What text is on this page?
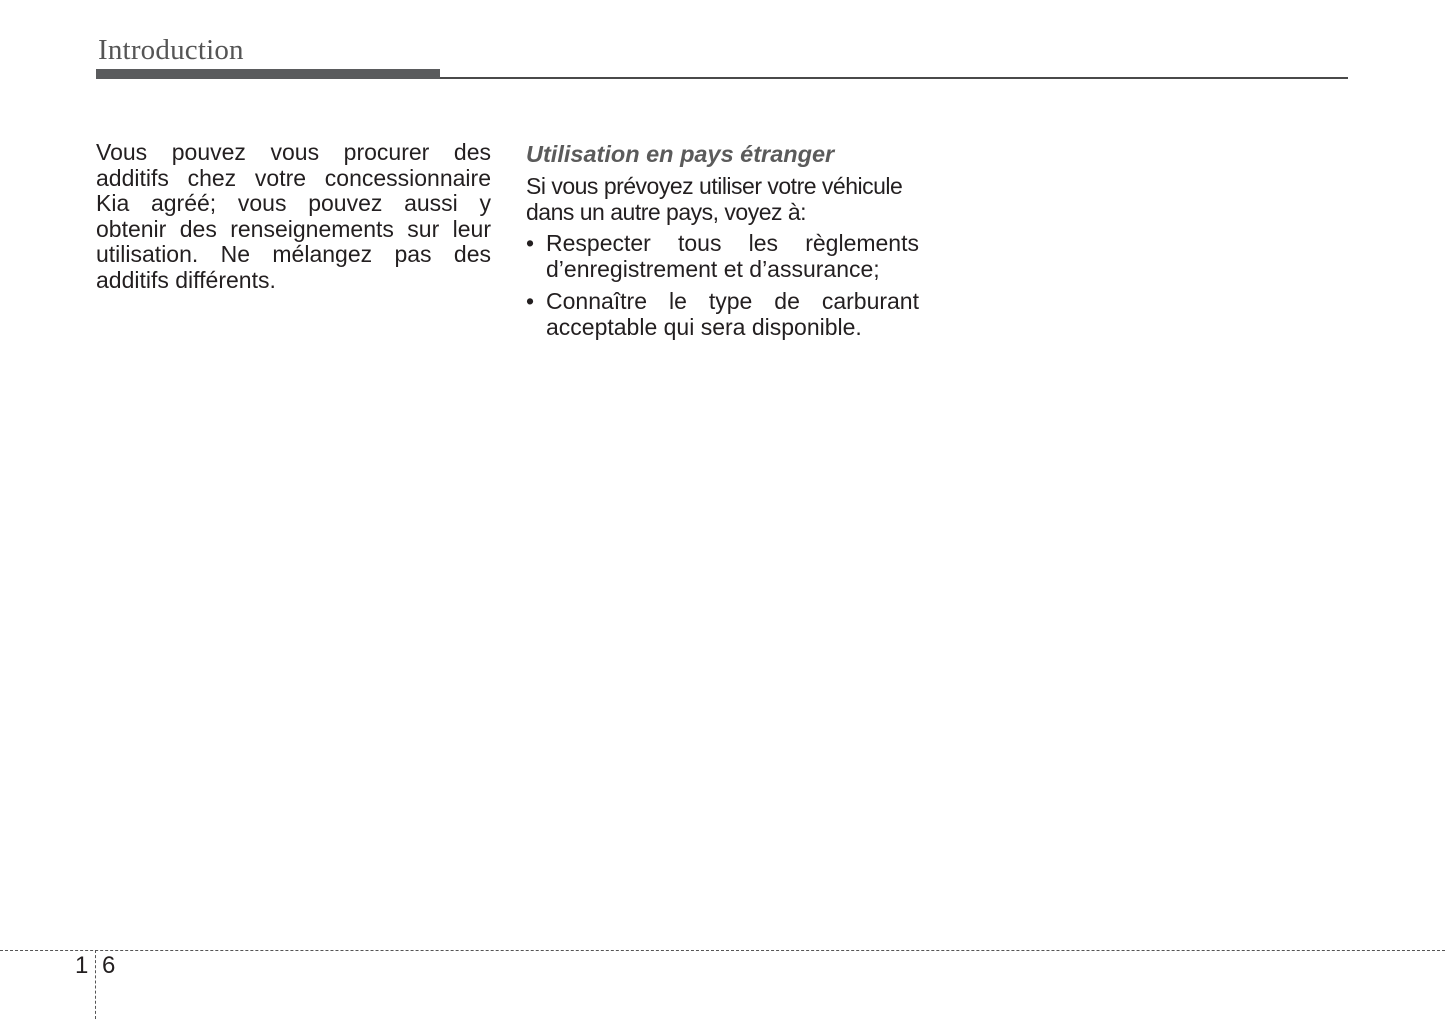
Introduction

Vous pouvez vous procurer des additifs chez votre concessionnaire Kia agréé; vous pouvez aussi y obtenir des renseignements sur leur utilisation. Ne mélangez pas des additifs différents.

Utilisation en pays étranger

Si vous prévoyez utiliser votre véhicule dans un autre pays, voyez à:

• Respecter tous les règlements d’enregistrement et d’assurance;
• Connaître le type de carburant acceptable qui sera disponible.
1 6
